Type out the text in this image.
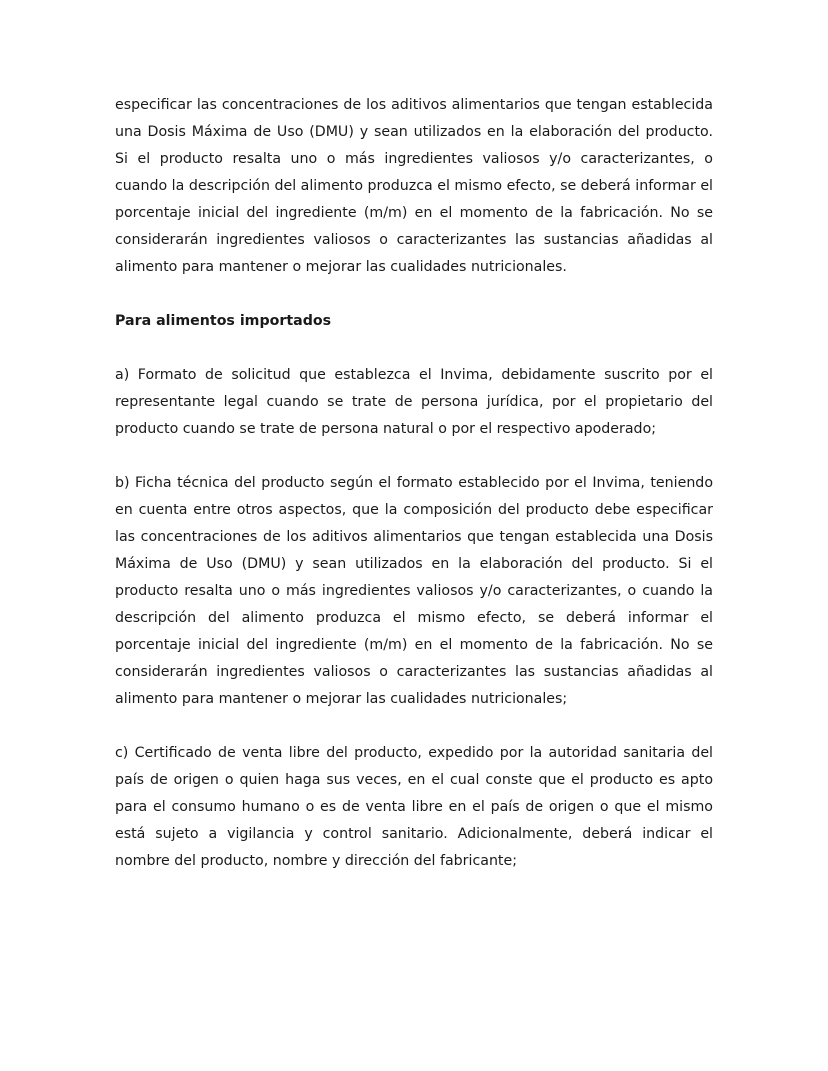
especificar las concentraciones de los aditivos alimentarios que tengan establecida una Dosis Máxima de Uso (DMU) y sean utilizados en la elaboración del producto. Si el producto resalta uno o más ingredientes valiosos y/o caracterizantes, o cuando la descripción del alimento produzca el mismo efecto, se deberá informar el porcentaje inicial del ingrediente (m/m) en el momento de la fabricación. No se considerarán ingredientes valiosos o caracterizantes las sustancias añadidas al alimento para mantener o mejorar las cualidades nutricionales.

Para alimentos importados

a) Formato de solicitud que establezca el Invima, debidamente suscrito por el representante legal cuando se trate de persona jurídica, por el propietario del producto cuando se trate de persona natural o por el respectivo apoderado;

b) Ficha técnica del producto según el formato establecido por el Invima, teniendo en cuenta entre otros aspectos, que la composición del producto debe especificar las concentraciones de los aditivos alimentarios que tengan establecida una Dosis Máxima de Uso (DMU) y sean utilizados en la elaboración del producto. Si el producto resalta uno o más ingredientes valiosos y/o caracterizantes, o cuando la descripción del alimento produzca el mismo efecto, se deberá informar el porcentaje inicial del ingrediente (m/m) en el momento de la fabricación. No se considerarán ingredientes valiosos o caracterizantes las sustancias añadidas al alimento para mantener o mejorar las cualidades nutricionales;

c) Certificado de venta libre del producto, expedido por la autoridad sanitaria del país de origen o quien haga sus veces, en el cual conste que el producto es apto para el consumo humano o es de venta libre en el país de origen o que el mismo está sujeto a vigilancia y control sanitario. Adicionalmente, deberá indicar el nombre del producto, nombre y dirección del fabricante;
